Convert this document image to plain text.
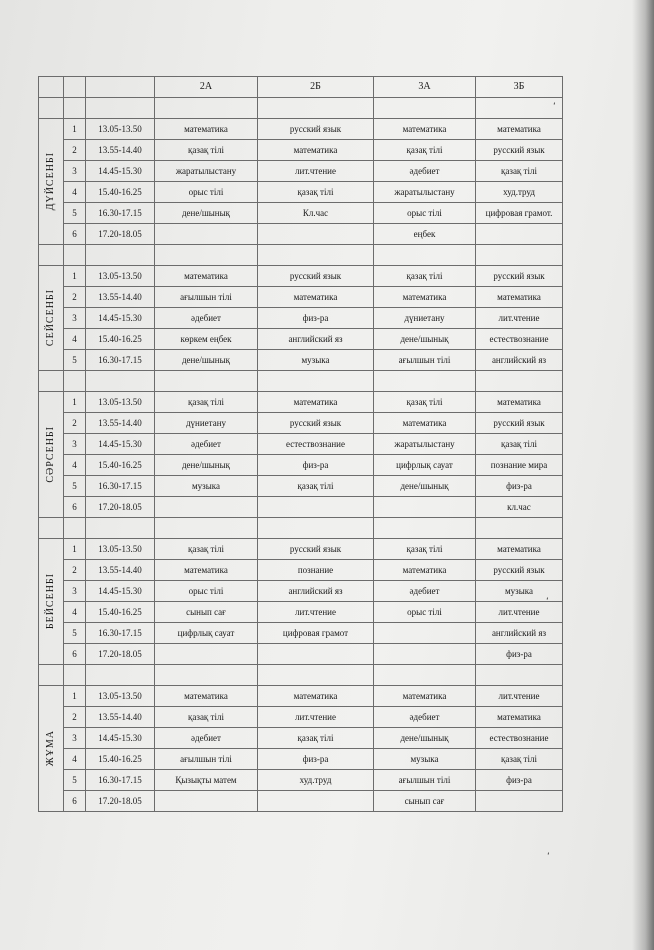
			2А	2Б	3А	3Б

ДҮЙСЕНБІ	1	13.05-13.50	математика	русский язык	математика	математика
	2	13.55-14.40	қазақ тілі	математика	қазақ тілі	русский язык
	3	14.45-15.30	жаратылыстану	лит.чтение	әдебиет	қазақ тілі
	4	15.40-16.25	орыс тілі	қазақ тілі	жаратылыстану	худ.труд
	5	16.30-17.15	дене/шынық	Кл.час	орыс тілі	цифровая грамот.
	6	17.20-18.05			еңбек	

СЕЙСЕНБІ	1	13.05-13.50	математика	русский язык	қазақ тілі	русский язык
	2	13.55-14.40	ағылшын тілі	математика	математика	математика
	3	14.45-15.30	әдебиет	физ-ра	дүниетану	лит.чтение
	4	15.40-16.25	көркем еңбек	английский яз	дене/шынық	естествознание
	5	16.30-17.15	дене/шынық	музыка	ағылшын тілі	английский яз

СӘРСЕНБІ	1	13.05-13.50	қазақ тілі	математика	қазақ тілі	математика
	2	13.55-14.40	дүниетану	русский язык	математика	русский язык
	3	14.45-15.30	әдебиет	естествознание	жаратылыстану	қазақ тілі
	4	15.40-16.25	дене/шынық	физ-ра	цифрлық сауат	познание мира
	5	16.30-17.15	музыка	қазақ тілі	дене/шынық	физ-ра
	6	17.20-18.05				кл.час

БЕЙСЕНБІ	1	13.05-13.50	қазақ тілі	русский язык	қазақ тілі	математика
	2	13.55-14.40	математика	познание	математика	русский язык
	3	14.45-15.30	орыс тілі	английский яз	әдебиет	музыка
	4	15.40-16.25	сынып сағ	лит.чтение	орыс тілі	лит.чтение
	5	16.30-17.15	цифрлық сауат	цифровая грамот		английский яз
	6	17.20-18.05				физ-ра

ЖҰМА	1	13.05-13.50	математика	математика	математика	лит.чтение
	2	13.55-14.40	қазақ тілі	лит.чтение	әдебиет	математика
	3	14.45-15.30	әдебиет	қазақ тілі	дене/шынық	естествознание
	4	15.40-16.25	ағылшын тілі	физ-ра	музыка	қазақ тілі
	5	16.30-17.15	Қызықты матем	худ.труд	ағылшын тілі	физ-ра
	6	17.20-18.05			сынып сағ	
ʻ
ʻ
ʻ
